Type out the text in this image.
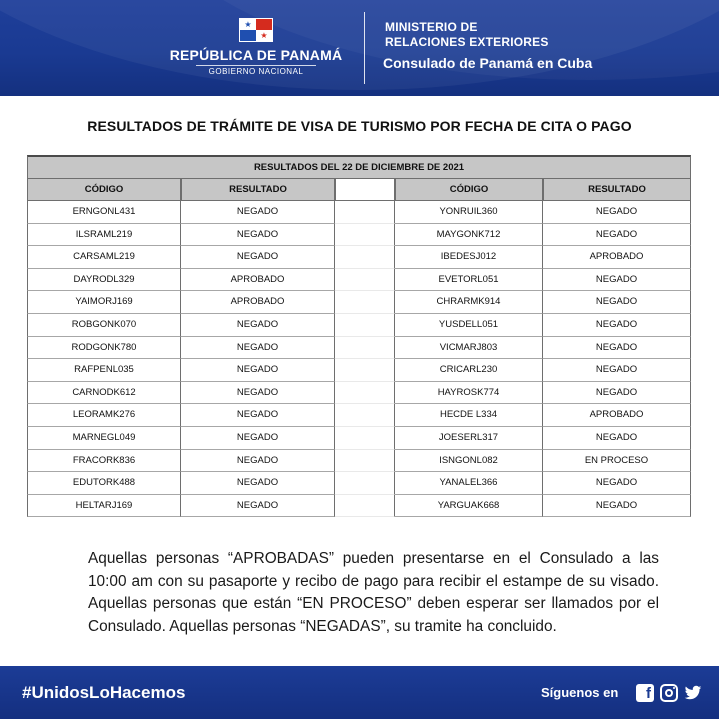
★
★
REPÚBLICA DE PANAMÁ
GOBIERNO NACIONAL
MINISTERIO DE
RELACIONES EXTERIORES
Consulado de Panamá en Cuba
RESULTADOS DE TRÁMITE DE VISA DE TURISMO POR FECHA DE CITA O PAGO
RESULTADOS DEL 22 DE DICIEMBRE DE 2021
CÓDIGO	RESULTADO	CÓDIGO	RESULTADO
ERNGONL431	NEGADO	YONRUIL360	NEGADO
ILSRAML219	NEGADO	MAYGONK712	NEGADO
CARSAML219	NEGADO	IBEDESJ012	APROBADO
DAYRODL329	APROBADO	EVETORL051	NEGADO
YAIMORJ169	APROBADO	CHRARMK914	NEGADO
ROBGONK070	NEGADO	YUSDELL051	NEGADO
RODGONK780	NEGADO	VICMARJ803	NEGADO
RAFPENL035	NEGADO	CRICARL230	NEGADO
CARNODK612	NEGADO	HAYROSK774	NEGADO
LEORAMK276	NEGADO	HECDE L334	APROBADO
MARNEGL049	NEGADO	JOESERL317	NEGADO
FRACORK836	NEGADO	ISNGONL082	EN PROCESO
EDUTORK488	NEGADO	YANALEL366	NEGADO
HELTARJ169	NEGADO	YARGUAK668	NEGADO
Aquellas personas “APROBADAS” pueden presentarse en el Consulado a las 10:00 am con su pasaporte y recibo de pago para recibir el estampe de su visado. Aquellas personas que están “EN PROCESO” deben esperar ser llamados por el Consulado. Aquellas personas “NEGADAS”, su tramite ha concluido.
#UnidosLoHacemos	Síguenos en	f
